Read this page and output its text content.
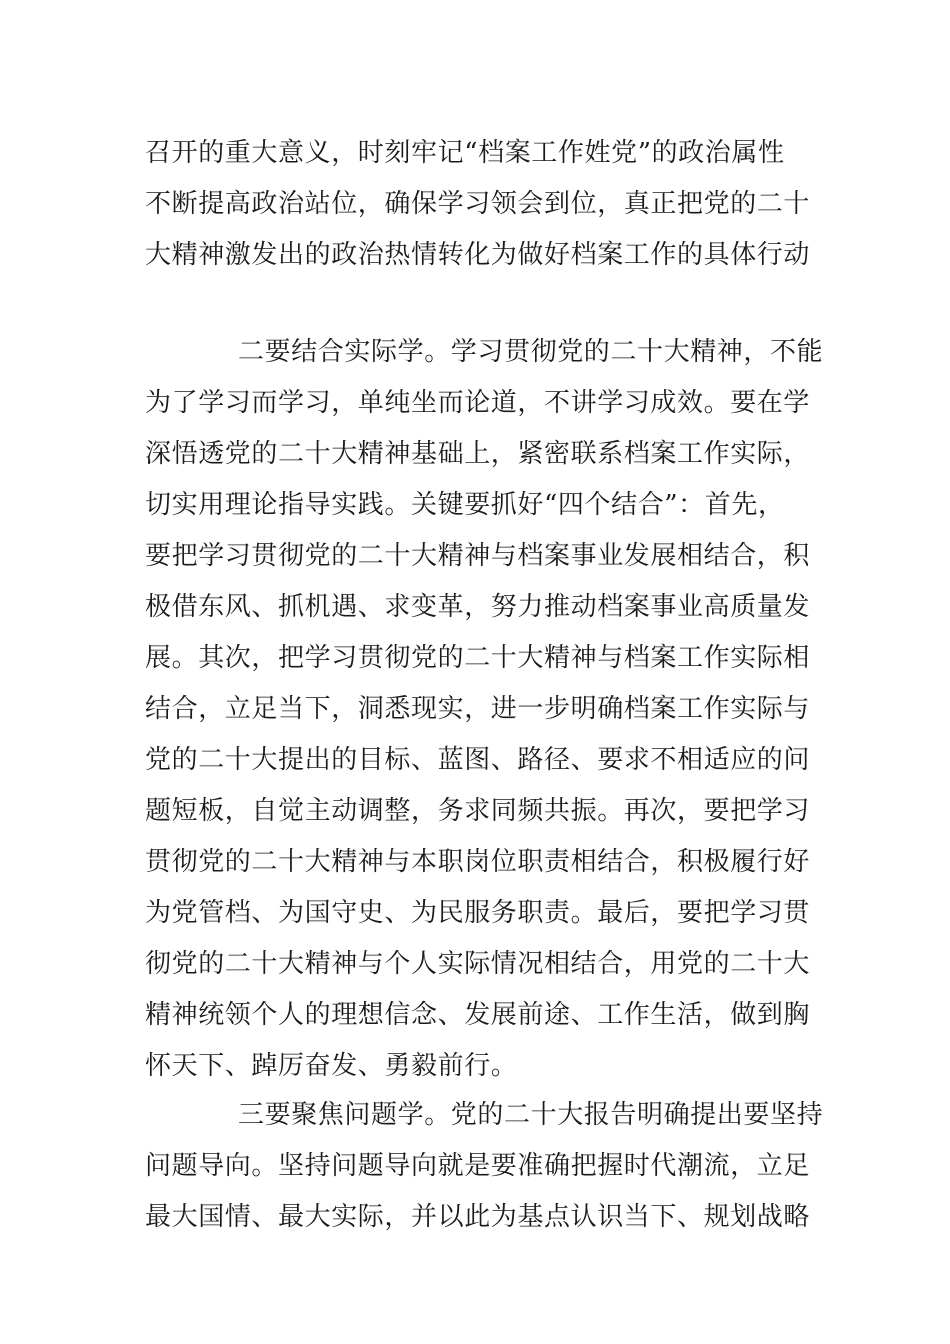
召开的重大意义，时刻牢记“档案工作姓党”的政治属性
不断提高政治站位，确保学习领会到位，真正把党的二十
大精神激发出的政治热情转化为做好档案工作的具体行动
二要结合实际学。学习贯彻党的二十大精神，不能
为了学习而学习，单纯坐而论道，不讲学习成效。要在学
深悟透党的二十大精神基础上，紧密联系档案工作实际，
切实用理论指导实践。关键要抓好“四个结合”：首先，
要把学习贯彻党的二十大精神与档案事业发展相结合，积
极借东风、抓机遇、求变革，努力推动档案事业高质量发
展。其次，把学习贯彻党的二十大精神与档案工作实际相
结合，立足当下，洞悉现实，进一步明确档案工作实际与
党的二十大提出的目标、蓝图、路径、要求不相适应的问
题短板，自觉主动调整，务求同频共振。再次，要把学习
贯彻党的二十大精神与本职岗位职责相结合，积极履行好
为党管档、为国守史、为民服务职责。最后，要把学习贯
彻党的二十大精神与个人实际情况相结合，用党的二十大
精神统领个人的理想信念、发展前途、工作生活，做到胸
怀天下、踔厉奋发、勇毅前行。
三要聚焦问题学。党的二十大报告明确提出要坚持
问题导向。坚持问题导向就是要准确把握时代潮流，立足
最大国情、最大实际，并以此为基点认识当下、规划战略
